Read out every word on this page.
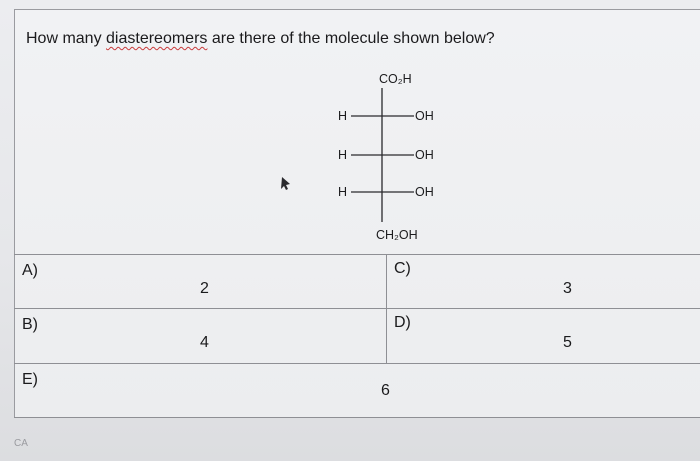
How many diastereomers are there of the molecule shown below?
CO₂H
CH₂OH
H
H
H
OH
OH
OH
A)
2
C)
3
B)
4
D)
5
E)
6
CA
